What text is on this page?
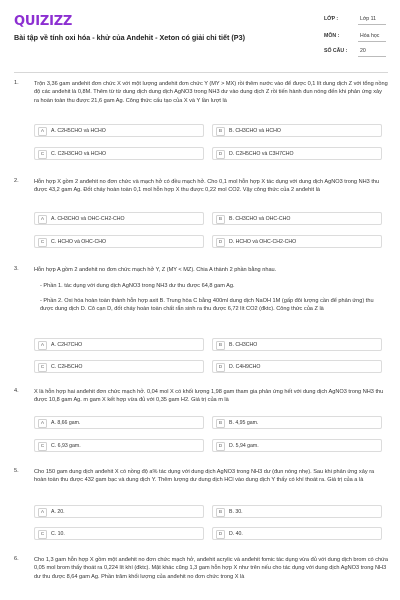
QUIZIZZ
Bài tập về tính oxi hóa - khử của Andehit - Xeton có giải chi tiết (P3)
LỚP :	Lớp 11
MÔN :	Hóa học
SỐ CÂU : 20
1.	Trộn 3,36 gam anđehit đơn chức X với một lượng anđehit đơn chức Y (MY > MX) rồi thêm nước vào để được 0,1 lít dung dịch Z với tổng nồng độ các anđehit là 0,8M. Thêm từ từ dung dịch dung dịch AgNO3 trong NH3 dư vào dung dịch Z rồi tiến hành đun nóng đến khi phản ứng xảy ra hoàn toàn thu được 21,6 gam Ag. Công thức cấu tạo của X và Y lần lượt là
A	A. C2H5CHO và HCHO	B	B. CH3CHO và HCHO
C	C. C2H3CHO và HCHO	D	D. C2H5CHO và C3H7CHO
2.	Hỗn hợp X gồm 2 anđehit no đơn chức và mạch hở có đều mạch hở. Cho 0,1 mol hỗn hợp X tác dụng với dung dịch AgNO3 trong NH3 thu được 43,2 gam Ag. Đốt cháy hoàn toàn 0,1 mol hỗn hợp X thu được 0,22 mol CO2. Vậy công thức của 2 anđehit là
A	A. CH3CHO và OHC-CH2-CHO	B	B. CH3CHO và OHC-CHO
C	C. HCHO và OHC-CHO	D	D. HCHO và OHC-CH2-CHO
3.	Hỗn hợp A gồm 2 anđehit no đơn chức mạch hở Y, Z (MY < MZ). Chia A thành 2 phần bằng nhau.
- Phần 1. tác dụng với dung dịch AgNO3 trong NH3 dư thu được 64,8 gam Ag.
- Phần 2. Oxi hóa hoàn toàn thành hỗn hợp axit B. Trung hòa C bằng 400ml dung dịch NaOH 1M (gấp đôi lượng cần để phản ứng) thu được dung dịch D. Cô cạn D, đốt cháy hoàn toàn chất rắn sinh ra thu được 6,72 lít CO2 (đktc). Công thức của Z là
A	A. C2H7CHO	B	B. CH3CHO
C	C. C2H5CHO	D	D. C4H9CHO
4.	X là hỗn hợp hai anđehit đơn chức mạch hở. 0,04 mol X có khối lượng 1,98 gam tham gia phản ứng hết với dung dịch AgNO3 trong NH3 thu được 10,8 gam Ag. m gam X kết hợp vừa đủ với 0,35 gam H2. Giá trị của m là
A	A. 8,66 gam.	B	B. 4,95 gam.
C	C. 6,93 gam.	D	D. 5,94 gam.
5.	Cho 150 gam dung dịch anđehit X có nồng độ a% tác dụng với dung dịch AgNO3 trong NH3 dư (đun nóng nhẹ). Sau khi phản ứng xảy ra hoàn toàn thu được 432 gam bạc và dung dịch Y. Thêm lượng dư dung dịch HCl vào dung dịch Y thấy có khí thoát ra. Giá trị của a là
A	A. 20.	B	B. 30.
C	C. 10.	D	D. 40.
6.	Cho 1,3 gam hỗn hợp X gồm một anđehit no đơn chức mạch hở, anđehit acrylic và anđehit fomic tác dụng vừa đủ với dung dịch brom có chứa 0,05 mol brom thấy thoát ra 0,224 lít khí (đktc). Mặt khác cũng 1,3 gam hỗn hợp X như trên nếu cho tác dụng với dung dịch AgNO3 trong NH3 dư thu được 8,64 gam Ag. Phần trăm khối lượng của anđehit no đơn chức trong X là
